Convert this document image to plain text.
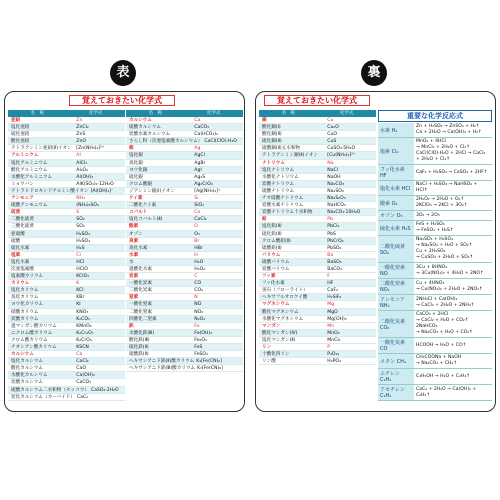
表	裏
覚えておきたい化学式
名　称	化学式
亜鉛	Zn
塩化亜鉛	ZnCl₂
硫化亜鉛	ZnS
酸化亜鉛	ZnO
テトラアンミン亜鉛(Ⅱ)イオン	[Zn(NH₃)₄]²⁺
アルミニウム	Al
塩化アルミニウム	AlCl₃
酸化アルミニウム	Al₂O₃
水酸化アルミニウム	Al(OH)₃
ミョウバン	AlK(SO₄)₂·12H₂O
テトラヒドロキシドアルミン酸イオン [Al(OH)₄]⁻
アンモニア	NH₃
硫酸アンモニウム	(NH₄)₂SO₄
硫黄	S
二酸化硫黄	SO₂
三酸化硫黄	SO₃
亜硫酸	H₂SO₃
硫酸	H₂SO₄
硫化水素	H₂S
塩素	Cl
塩化水素	HCl
次亜塩素酸	HClO
塩素酸カリウム	KClO₃
カリウム	K
塩化カリウム	KCl
臭化カリウム	KBr
ヨウ化カリウム	KI
硝酸カリウム	KNO₃
炭酸カリウム	K₂CO₃
過マンガン酸カリウム	KMnO₄
ニクロム酸カリウム	K₂Cr₂O₇
クロム酸カリウム	K₂CrO₄
チオシアン酸カリウム	KSCN
カルシウム	Ca
塩化カルシウム	CaCl₂
酸化カルシウム	CaO
水酸化カルシウム	Ca(OH)₂
炭酸カルシウム	CaCO₃
硫酸カルシウム二水和物（セッコウ） CaSO₄·2H₂O
炭化カルシウム（カーバイド） CaC₂
名　称	化学式
カルシウム	Ca
硫酸カルシウム	CaCO₃
炭酸水素カルシウム	Ca(HCO₃)₂
さらし粉（次亜塩素酸カルシウム） CaCl(ClO)·H₂O
銀	Ag
塩化銀	AgCl
臭化銀	AgBr
ヨウ化銀	AgI
硫化銀	Ag₂S
クロム酸銀	Ag₂CrO₄
ジアンミン銀(Ⅰ)イオン	[Ag(NH₃)₂]⁺
ケイ素	Si
二酸化ケイ素	SiO₂
コバルト	Co
塩化コバルト(Ⅱ)	CoCl₂
酸素	O
オゾン	O₃
臭素	Br
臭化水素	HBr
水素	H
水	H₂O
過酸化水素	H₂O₂
炭素	C
一酸化炭素	CO
二酸化炭素	CO₂
窒素	N
一酸化窒素	NO
二酸化窒素	NO₂
四酸化二窒素	N₂O₄
鉄	Fe
水酸化鉄(Ⅲ)	Fe(OH)₃
酸化鉄(Ⅲ)	Fe₂O₃
硫化鉄(Ⅱ)	FeS
硫酸鉄(Ⅱ)	FeSO₄
ヘキサシアニド鉄(Ⅱ)酸カリウム K₄[Fe(CN)₆]
ヘキサシアニド鉄(Ⅲ)酸カリウム K₃[Fe(CN)₆]
覚えておきたい化学式
名　称	化学式
銅	Cu
酸化銅(Ⅰ)	Cu₂O
酸化銅(Ⅱ)	CuO
硫化銅(Ⅱ)	CuS
硫酸銅(Ⅱ)五水和物	CuSO₄·5H₂O
テトラアンミン銅(Ⅱ)イオン	[Cu(NH₃)₄]²⁺
ナトリウム	Na
塩化ナトリウム	NaCl
水酸化ナトリウム	NaOH
炭酸ナトリウム	Na₂CO₃
硫酸ナトリウム	Na₂SO₄
チオ硫酸ナトリウム	Na₂S₂O₃
炭酸水素ナトリウム	NaHCO₃
炭酸ナトリウム十水和物	Na₂CO₃·10H₂O
鉛	Pb
塩化鉛(Ⅱ)	PbCl₂
硫化鉛(Ⅱ)	PbS
クロム酸鉛(Ⅱ)	PbCrO₄
硫酸鉛(Ⅱ)	PbSO₄
バリウム	Ba
硫酸バリウム	BaSO₄
炭酸バリウム	BaCO₃
フッ素	F
フッ化水素	HF
蛍石（フローライト）	CaF₂
ヘキサフルオロケイ酸	H₂SiF₆
マグネシウム	Mg
酸化マグネシウム	MgO
水酸化マグネシウム	Mg(OH)₂
マンガン	Mn
酸化マンガン(Ⅳ)	MnO₂
塩化マンガン(Ⅱ)	MnCl₂
リン	P
十酸化四リン	P₄O₁₀
リン酸	H₃PO₄
重要な化学反応式
水素 H₂
Zn + H₂SO₄ → ZnSO₄ + H₂↑
Ca + 2H₂O → Ca(OH)₂ + H₂↑
塩素 Cl₂
MnO₂ + 4HCl
→ MnCl₂ + 2H₂O + Cl₂↑
CaCl(ClO)·H₂O + 2HCl → CaCl₂ + 2H₂O + Cl₂↑
フッ化水素 HF
CaF₂ + H₂SO₄ → CaSO₄ + 2HF↑
塩化水素 HCl
NaCl + H₂SO₄ → NaHSO₄ + HCl↑
酸素 O₂
2H₂O₂ → 2H₂O + O₂↑
2KClO₃ → 2KCl + 3O₂↑
オゾン O₃	3O₂ → 2O₃
硫化水素 H₂S
FeS + H₂SO₄
→ FeSO₄ + H₂S↑
二酸化硫黄 SO₂
Na₂SO₃ + H₂SO₄
→ Na₂SO₄ + H₂O + SO₂↑
Cu + 2H₂SO₄
→ CuSO₄ + 2H₂O + SO₂↑
一酸化窒素 NO
3Cu + 8HNO₃
→ 3Cu(NO₃)₂ + 4H₂O + 2NO↑
二酸化窒素 NO₂
Cu + 4HNO₃
→ Cu(NO₃)₂ + 2H₂O + 2NO₂↑
アンモニア NH₃
2NH₄Cl + Ca(OH)₂
→ CaCl₂ + 2H₂O + 2NH₃↑
二酸化炭素 CO₂
CaCO₃ + 2HCl
→ CaCl₂ + H₂O + CO₂↑
2NaHCO₃
→ Na₂CO₃ + H₂O + CO₂↑
一酸化炭素 CO
HCOOH → H₂O + CO↑
メタン CH₄
CH₃COONa + NaOH
→ Na₂CO₃ + CH₄↑
エチレン C₂H₄
C₂H₅OH → H₂O + C₂H₄↑
アセチレン C₂H₂
CaC₂ + 2H₂O → Ca(OH)₂ + C₂H₂↑
